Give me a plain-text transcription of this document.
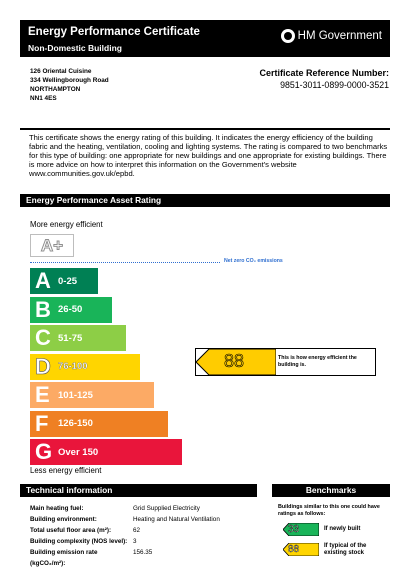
Energy Performance Certificate
Non-Domestic Building
HM Government
126 Oriental Cuisine
334 Wellingborough Road
NORTHAMPTON
NN1 4ES
Certificate Reference Number:
9851-3011-0899-0000-3521
This certificate shows the energy rating of this building. It indicates the energy efficiency of the building fabric and the heating, ventilation, cooling and lighting systems. The rating is compared to two benchmarks for this type of building: one appropriate for new buildings and one appropriate for existing buildings. There is more advice on how to interpret this information on the Government's website www.communities.gov.uk/epbd.
Energy Performance Asset Rating
More energy efficient
A+
Net zero CO₂ emissions
A 0-25
B 26-50
C 51-75
D 76-100
E 101-125
F	126-150
G Over 150
88	This is how energy efficient the building is.
Less energy efficient
Technical information
Main heating fuel:	Grid Supplied Electricity
Building environment:	Heating and Natural Ventilation
Total useful floor area (m²):	62
Building complexity (NOS level): 3
Building emission rate (kgCO₂/m²):
156.35
Benchmarks
Buildings similar to this one could have ratings as follows:
33	If newly built
88	If typical of the existing stock
